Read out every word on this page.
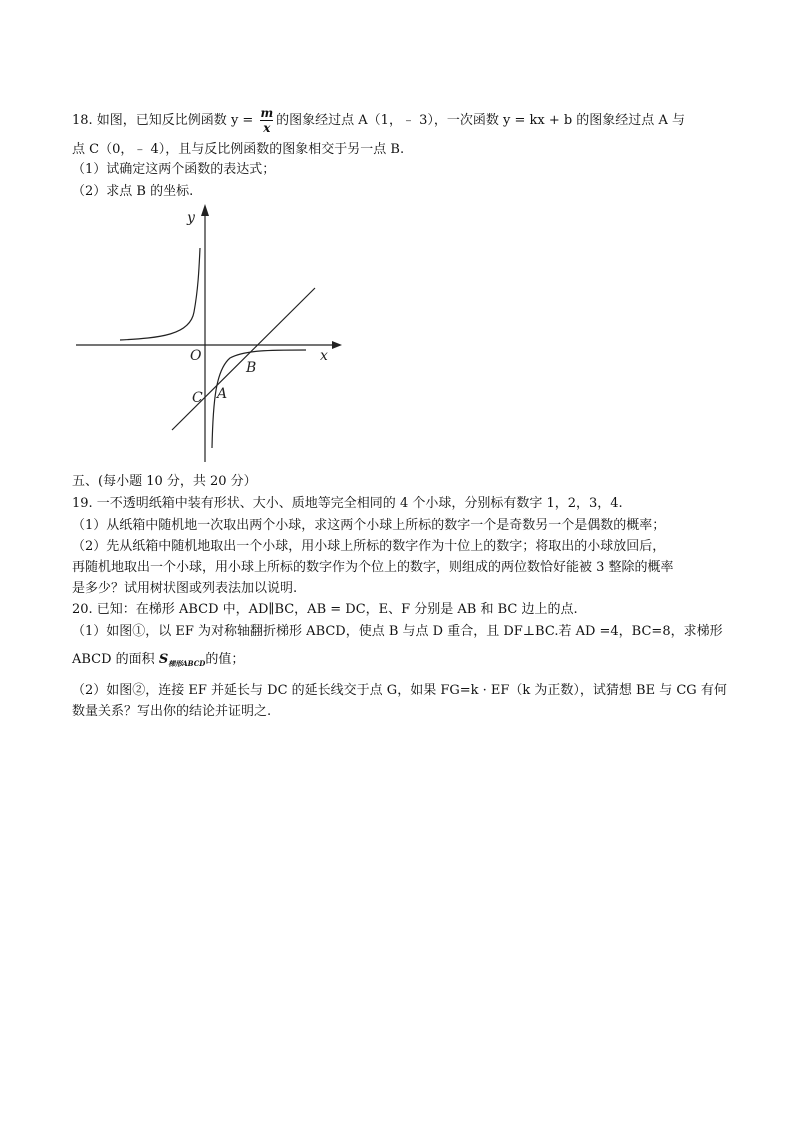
18. 如图，已知反比例函数 $y = \frac{m}{x}$ 的图象经过点 A（1，﹣ 3），一次函数 y = kx + b 的图象经过点 A 与
点 C（0，﹣ 4），且与反比例函数的图象相交于另一点 B.
（1）试确定这两个函数的表达式；
（2）求点 B 的坐标.
y
x
O
B
C A
五、(每小题 10 分，共 20 分）
19. 一不透明纸箱中装有形状、大小、质地等完全相同的 4 个小球，分别标有数字 1，2，3，4.
（1）从纸箱中随机地一次取出两个小球，求这两个小球上所标的数字一个是奇数另一个是偶数的概率；
（2）先从纸箱中随机地取出一个小球，用小球上所标的数字作为十位上的数字；将取出的小球放回后，
再随机地取出一个小球，用小球上所标的数字作为个位上的数字，则组成的两位数恰好能被 3 整除的概率
是多少？试用树状图或列表法加以说明.
20. 已知：在梯形 ABCD 中，AD∥BC，AB = DC，E、F 分别是 AB 和 BC 边上的点.
（1）如图①，以 EF 为对称轴翻折梯形 ABCD，使点 B 与点 D 重合，且 DF⊥BC.若 AD =4，BC=8，求梯形
ABCD 的面积 $S_{梯形ABCD}$的值；
（2）如图②，连接 EF 并延长与 DC 的延长线交于点 G，如果 FG=k · EF（k 为正数），试猜想 BE 与 CG 有何
数量关系？写出你的结论并证明之.
